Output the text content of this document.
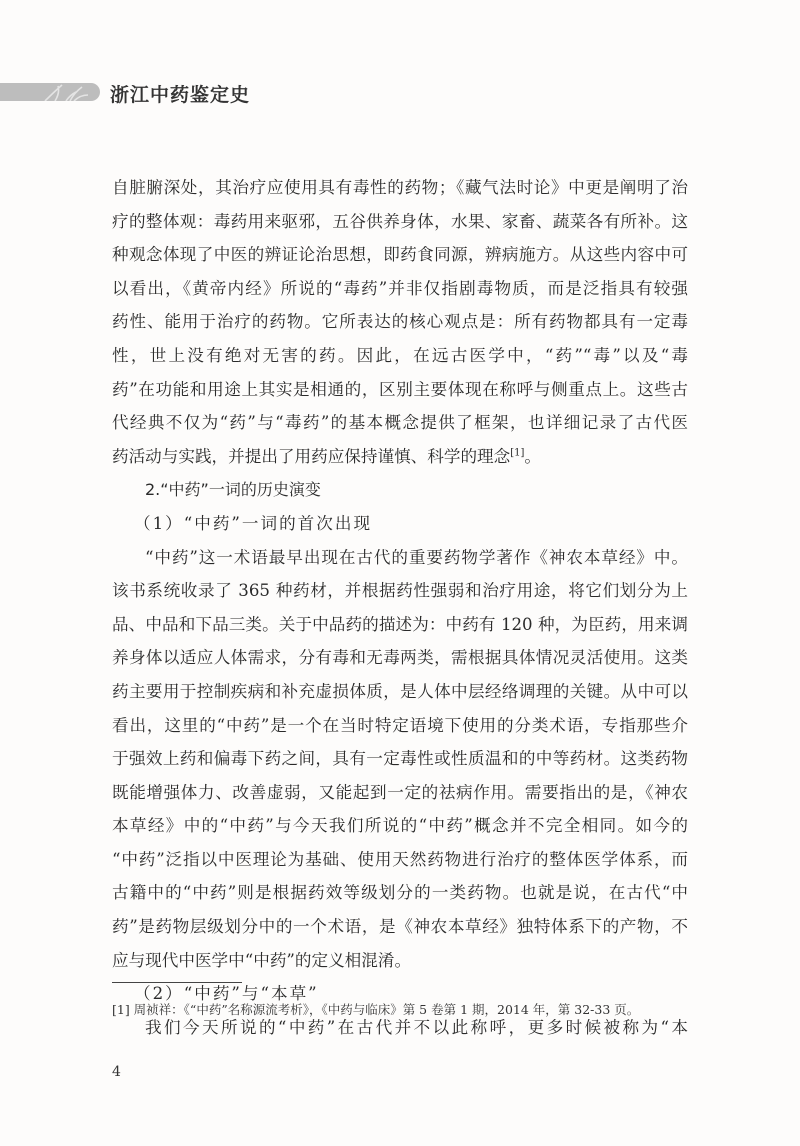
浙江中药鉴定史
自脏腑深处，其治疗应使用具有毒性的药物；《藏气法时论》中更是阐明了治
疗的整体观：毒药用来驱邪，五谷供养身体，水果、家畜、蔬菜各有所补。这
种观念体现了中医的辨证论治思想，即药食同源，辨病施方。从这些内容中可
以看出，《黄帝内经》所说的“毒药”并非仅指剧毒物质，而是泛指具有较强
药性、能用于治疗的药物。它所表达的核心观点是：所有药物都具有一定毒
性，世上没有绝对无害的药。因此，在远古医学中，“药”“毒”以及“毒
药”在功能和用途上其实是相通的，区别主要体现在称呼与侧重点上。这些古
代经典不仅为“药”与“毒药”的基本概念提供了框架，也详细记录了古代医
药活动与实践，并提出了用药应保持谨慎、科学的理念[1]。
2.“中药”一词的历史演变
（1）“中药”一词的首次出现
“中药”这一术语最早出现在古代的重要药物学著作《神农本草经》中。
该书系统收录了 365 种药材，并根据药性强弱和治疗用途，将它们划分为上
品、中品和下品三类。关于中品药的描述为：中药有 120 种，为臣药，用来调
养身体以适应人体需求，分有毒和无毒两类，需根据具体情况灵活使用。这类
药主要用于控制疾病和补充虚损体质，是人体中层经络调理的关键。从中可以
看出，这里的“中药”是一个在当时特定语境下使用的分类术语，专指那些介
于强效上药和偏毒下药之间，具有一定毒性或性质温和的中等药材。这类药物
既能增强体力、改善虚弱，又能起到一定的祛病作用。需要指出的是，《神农
本草经》中的“中药”与今天我们所说的“中药”概念并不完全相同。如今的
“中药”泛指以中医理论为基础、使用天然药物进行治疗的整体医学体系，而
古籍中的“中药”则是根据药效等级划分的一类药物。也就是说，在古代“中
药”是药物层级划分中的一个术语，是《神农本草经》独特体系下的产物，不
应与现代中医学中“中药”的定义相混淆。
（2）“中药”与“本草”
我们今天所说的“中药”在古代并不以此称呼，更多时候被称为“本
[1] 周祯祥：《“中药”名称源流考析》，《中药与临床》第 5 卷第 1 期，2014 年，第 32-33 页。
4
